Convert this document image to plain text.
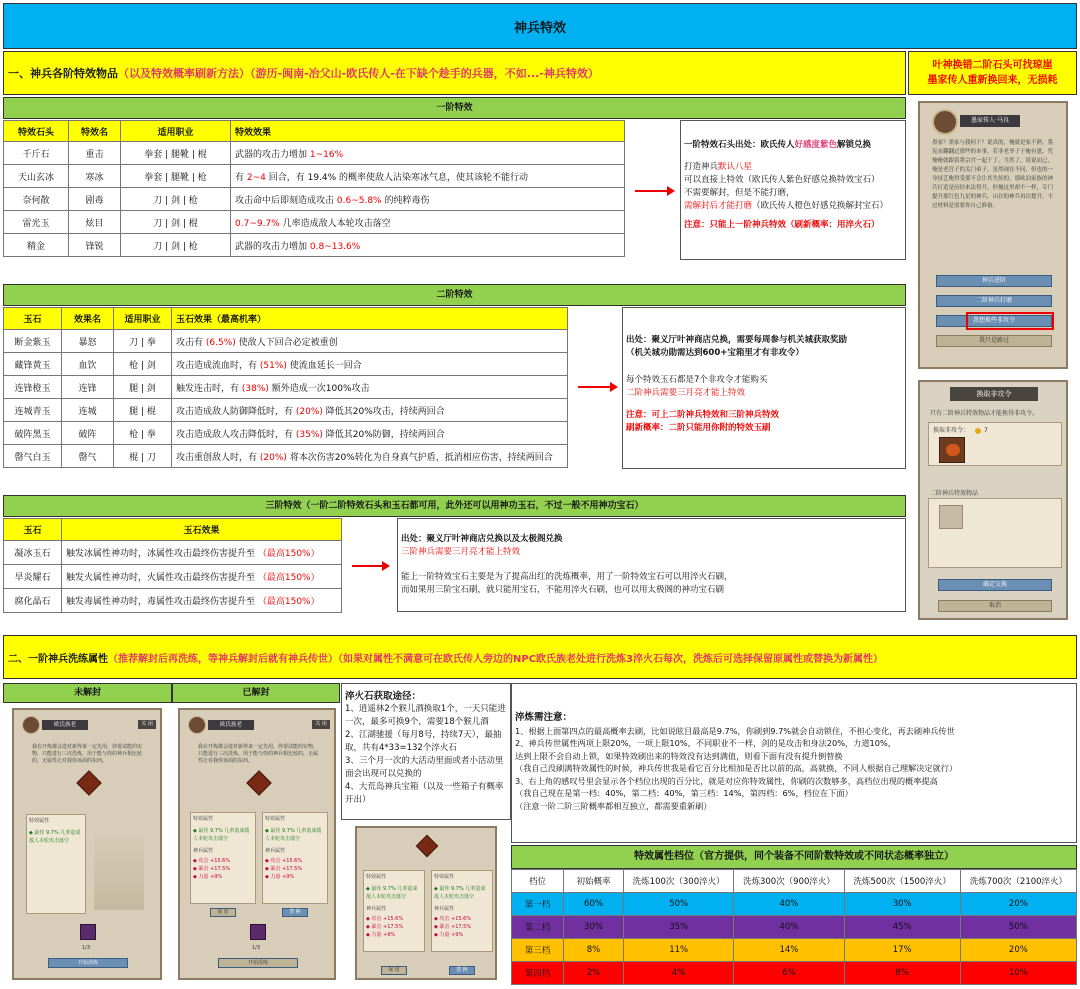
神兵特效
一、神兵各阶特效物品 （以及特效概率刷新方法）（游历-闽南-冶父山-欧氏传人-在下缺个趁手的兵器，不如...-神兵特效）
叶神换错二阶石头可找琼崖
墨家传人重新换回来，无损耗
一阶特效
特效石头	特效名	适用职业	特效效果
千斤石	重击	拳套 | 腿靴 | 棍	武器的攻击力增加 1~16%
天山玄冰	寒冰	拳套 | 腿靴 | 枪	有 2~4 回合，有 19.4% 的概率使敌人沾染寒冰气息，使其该轮不能行动
奈何散	剧毒	刀 | 剑 | 枪	攻击命中后即刻造成攻击 0.6~5.8% 的纯粹毒伤
雷光玉	炫目	刀 | 剑 | 棍	0.7~9.7% 几率造成敌人本轮攻击落空
精金	锋锐	刀 | 剑 | 枪	武器的攻击力增加 0.8~13.6%
一阶特效石头出处：欧氏传人好感度紫色解锁兑换
打造神兵默认八星
可以直接上特效（欧氏传人紫色好感兑换特效宝石）
不需要解封，但是不能打磨，
需解封后才能打磨（欧氏传人橙色好感兑换解封宝石）
注意：只能上一阶神兵特效（刷新概率：用淬火石）
二阶特效
玉石	效果名	适用职业	玉石效果（最高机率）
断金紫玉	暴怒	刀 | 拳	攻击有 (6.5%) 使敌人下回合必定被重创
藏锋黄玉	血饮	枪 | 剑	攻击造成流血时，有 (51%) 使流血延长一回合
连锋橙玉	连锋	腿 | 剑	触发连击时，有 (38%) 额外造成一次100%攻击
连城青玉	连城	腿 | 棍	攻击造成敌人防御降低时，有 (20%) 降低其20%攻击，持续两回合
破阵黑玉	破阵	枪 | 拳	攻击造成敌人攻击降低时，有 (35%) 降低其20%防御，持续两回合
罄气白玉	罄气	棍 | 刀	攻击重创敌人时，有 (20%) 将本次伤害20%转化为自身真气护盾，抵消相应伤害，持续两回合
出处：聚义厅叶神商店兑换，需要每周参与机关城获取奖励
（机关城功勋需达到600+宝箱里才有非攻令）
每个特效玉石都是7个非攻令才能购买
二阶神兵需要三月亮才能上特效
注意：可上二阶神兵特效和三阶神兵特效
刷新概率：二阶只能用你附的特效玉刷
三阶特效（一阶二阶特效石头和玉石都可用，此外还可以用神功玉石，不过一般不用神功宝石）
玉石	玉石效果
凝冰玉石	触发冰属性神功时，冰属性攻击最终伤害提升至 （最高150%）
旱炎耀石	触发火属性神功时，火属性攻击最终伤害提升至 （最高150%）
腐化晶石	触发毒属性神功时，毒属性攻击最终伤害提升至 （最高150%）
出处：聚义厅叶神商店兑换以及太极阁兑换
三阶神兵需要三月亮才能上特效
能上一阶特效宝石主要是为了提高出红的洗炼概率，用了一阶特效宝石可以用淬火石刷，
而如果用三阶宝石刷，就只能用宝石，不能用淬火石刷，也可以用太极阁的神功宝石刷
墨家传人·马良
墨家？墨家与我何干？说真的，俺就是家不熟。墨宪奈翻翻过那些的本事，若非老爷子于俺有恩，凭俺俺就跟着墨宗宫一起干了。当然了，说说而已，俺是老宫子的关门弟子，虽然现在不同，但也的一身技艺俺得受那不会让其失传的。那欧冶家族的神兵打造是历经来法得升，但俺这里却不一样，专门提升那红色九星的神兵，山谷的神兵再次提升，不过材料是需要你自己准备。
神兵进阶
二阶神兵打磨
我想换些非攻令
我只是路过
换取非攻令
只有二阶神兵特效物品才能换得非攻令。
换取非攻令： 7
二阶神兵特效物品
确定交换
取消
二、一阶神兵洗练属性 （推荐解封后再洗练，等神兵解封后就有神兵传世）（如果对属性不满意可在欧氏传人旁边的NPC欧氏族老处进行洗炼3淬火石每次，洗炼后可选择保留原属性或替换为新属性）
未解封	已解封
欧氏族老	关 闭
我在开炼都会选对新得来一定先用，你要试能的实物，只能进行三次洗炼，用于能与你的神兵相比较的，无属性让对我你该面的东西。
特效属性
◆ 最佳 9.7% 几率造成敌人本轮攻击落空
1/3
开始洗练
欧氏族老	关 闭
我在开炼都会选对新得来一定先用，你要试能的实物，只能进行三次洗炼，用于能与你的神兵相比较的，无属性让对我你该面的东西。
特效属性
◆ 最佳 9.7% 几率造成敌人本轮攻击落空
神兵属性
◆ 攻击 +15.6%
◆ 暴击 +17.5%
◆ 力量 +9%
特效属性
◆ 最佳 9.7% 几率造成敌人本轮攻击落空
神兵属性
◆ 攻击 +15.6%
◆ 暴击 +17.5%
◆ 力量 +9%
保 留	替 换
1/3
开始洗练
淬火石获取途径：
1、逍遥林2个猴儿酒换取1个，一天只能进一次，最多可换9个，需要18个猴儿酒
2、江湖驰援（每月8号，持续7天），最抽取，共有4*33=132个淬火石
3、三个月一次的大活动里面或者小活动里面会出现可以兑换的
4、大荒岛神兵宝箱（以及一些箱子有概率开出）
特效属性
◆ 最佳 9.7% 几率造成敌人本轮攻击落空
神兵属性
◆ 攻击 +15.6%
◆ 暴击 +17.5%
◆ 力量 +9%
特效属性
◆ 最佳 9.7% 几率造成敌人本轮攻击落空
神兵属性
◆ 攻击 +15.6%
◆ 暴击 +17.5%
◆ 力量 +9%
保 留	替 换
淬炼需注意：
1、根据上面第四点的最高概率去刷，比如说眩目最高是9.7%，你刷到9.7%就会自动锁住，不担心变化，再去刷神兵传世
2、神兵传世属性两项上限20%，一项上限10%，不同职业不一样，剑的是攻击和身法20%，力道10%，
达到上限不会自动上锁，如果特效刷出来的特效没有达到满值，则看下面有没有提升倒替换
（我自己没刷满特效属性的时候，神兵传世我是看它百分比相加是否比以前的高，高就换，不同人根据自己理解决定就行）
3、右上角的感叹号里会显示各个档位出现的百分比，就是对应你特效属性，你刷的次数够多，高档位出现的概率提高
（我自己现在是第一档：40%，第二档：40%，第三档：14%，第四档：6%，档位在下面）
（注意一阶二阶三阶概率都相互独立，都需要重新刷）
特效属性档位（官方提供，同个装备不同阶数特效或不同状态概率独立）
档位	初始概率	洗炼100次（300淬火）	洗炼300次（900淬火）	洗炼500次（1500淬火）	洗炼700次（2100淬火）
第一档	60%	50%	40%	30%	20%
第二档	30%	35%	40%	45%	50%
第三档	8%	11%	14%	17%	20%
第四档	2%	4%	6%	8%	10%
